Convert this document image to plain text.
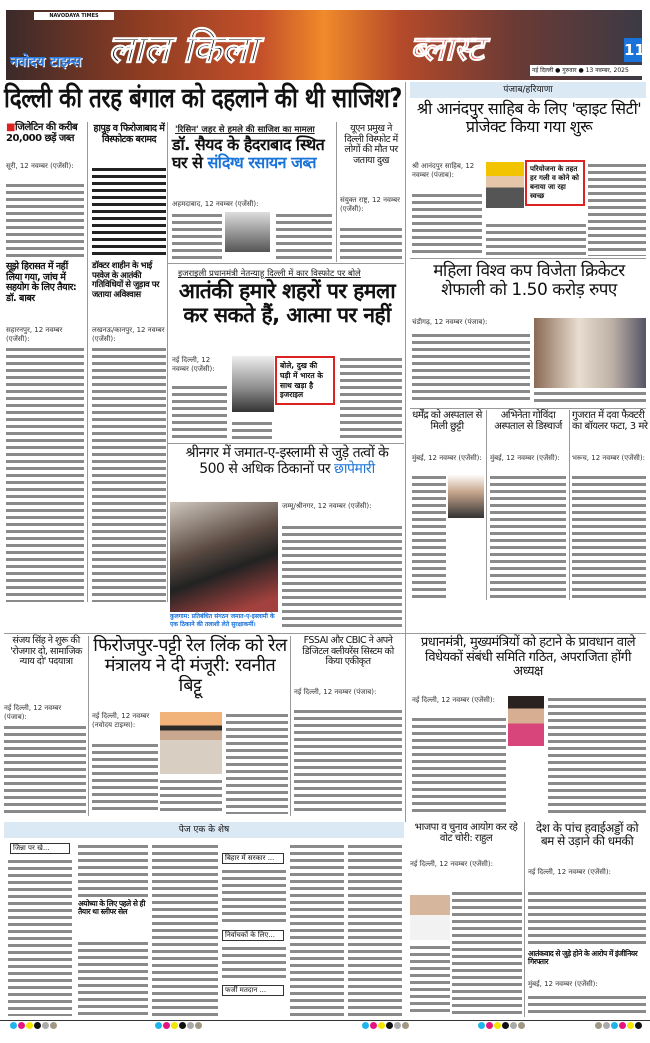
NAVODAYA TIMES
नवोदय टाइम्स लाल किला	ब्लास्ट	11
नई दिल्ली ● गुरुवार ● 13 नवम्बर, 2025
दिल्ली की तरह बंगाल को दहलाने की थी साजिश?
■जिलेटिन की करीब 20,000 छड़ें जब्त
सूरी, 12 नवम्बर (एजेंसी):
सूझे हिरासत में नहीं लिया गया, जांच में सहयोग के लिए तैयार: डॉ. बाबर
सहारनपुर, 12 नवम्बर (एजेंसी):
हापुड़ व फिरोजाबाद में विस्फोटक बरामद
डॉक्टर शाहीन के भाई परवेज के आतंकी गतिविधियों से जुड़ाव पर जताया अविश्वास
लखनऊ/कानपुर, 12 नवम्बर (एजेंसी):
'रिसिन' जहर से हमले की साजिश का मामला
डॉ. सैयद के हैदराबाद स्थित घर से संदिग्ध रसायन जब्त
अहमदाबाद, 12 नवम्बर (एजेंसी):
यूएन प्रमुख ने दिल्ली विस्फोट में लोगों की मौत पर जताया दुख
संयुक्त राष्ट्र, 12 नवम्बर (एजेंसी):
इजराइली प्रधानमंत्री नेतन्याहू दिल्ली में कार विस्फोट पर बोले
आतंकी हमारे शहरों पर हमला कर सकते हैं, आत्मा पर नहीं
नई दिल्ली, 12 नवम्बर (एजेंसी):	बोले, दुख की घड़ी में भारत के साथ खड़ा है इजराइल
श्रीनगर में जमात-ए-इस्लामी से जुड़े तत्वों के 500 से अधिक ठिकानों पर छापेमारी
कुलगाम: प्रतिबंधित संगठन जमात-ए-इस्लामी के एक ठिकाने की तलाशी लेते सुरक्षाकर्मी।
जम्मू/श्रीनगर, 12 नवम्बर (एजेंसी):
पंजाब/हरियाणा
श्री आनंदपुर साहिब के लिए 'व्हाइट सिटी' प्रोजेक्ट किया गया शुरू
श्री आनंदपुर साहिब, 12 नवम्बर (पंजाब):
परियोजना के तहत हर गली व कोने को बनाया जा रहा स्वच्छ
महिला विश्व कप विजेता क्रिकेटर शेफाली को 1.50 करोड़ रुपए
चंडीगढ़, 12 नवम्बर (पंजाब):
धर्मेंद्र को अस्पताल से मिली छुट्टी
मुंबई, 12 नवम्बर (एजेंसी):
अभिनेता गोविंदा अस्पताल से डिस्चार्ज
मुंबई, 12 नवम्बर (एजेंसी):
गुजरात में दवा फैक्टरी का बॉयलर फटा, 3 मरे
भरूच, 12 नवम्बर (एजेंसी):
संजय सिंह ने शुरू की 'रोजगार दो, सामाजिक न्याय दो' पदयात्रा
नई दिल्ली, 12 नवम्बर (पंजाब):
फिरोजपुर-पट्टी रेल लिंक को रेल मंत्रालय ने दी मंजूरी: रवनीत बिट्टू
नई दिल्ली, 12 नवम्बर (नवोदय टाइम्स):
FSSAI और CBIC ने अपने डिजिटल क्लीयरेंस सिस्टम को किया एकीकृत
नई दिल्ली, 12 नवम्बर (पंजाब):
प्रधानमंत्री, मुख्यमंत्रियों को हटाने के प्रावधान वाले विधेयकों संबंधी समिति गठित, अपराजिता होंगी अध्यक्ष
नई दिल्ली, 12 नवम्बर (एजेंसी):
पेज एक के शेष
जिन्ना पर खे...
अयोध्या के लिए पहले से ही तैयार था स्लीपर सेल
बिहार में सरकार ...
निर्वाचकों के लिए...
फर्जी मतदान ...
भाजपा व चुनाव आयोग कर रहे वोट चोरी: राहुल
नई दिल्ली, 12 नवम्बर (एजेंसी):
देश के पांच हवाईअड्डों को बम से उड़ाने की धमकी
नई दिल्ली, 12 नवम्बर (एजेंसी):
आतंकवाद से जुड़े होने के आरोप में इंजीनियर गिरफ्तार
मुंबई, 12 नवम्बर (एजेंसी):
